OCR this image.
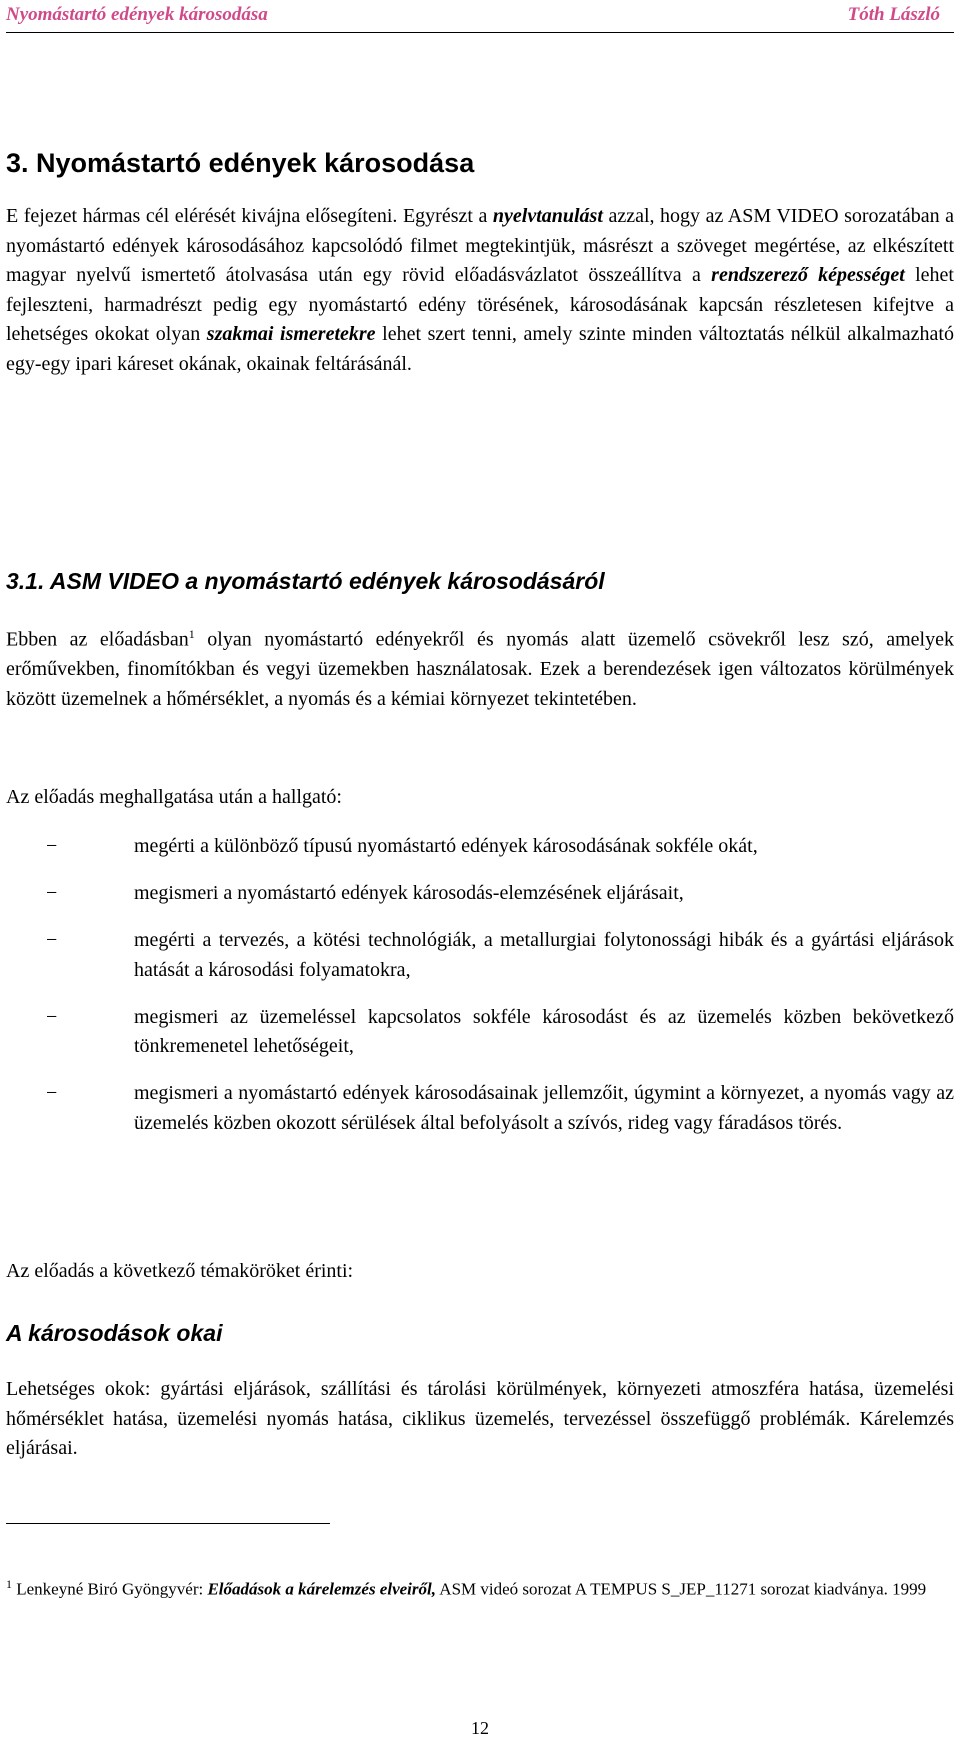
Nyomástartó edények károsodása	Tóth László
3. Nyomástartó edények károsodása

E fejezet hármas cél elérését kivájna elősegíteni. Egyrészt a nyelvtanulást azzal, hogy az ASM VIDEO sorozatában a nyomástartó edények károsodásához kapcsolódó filmet megtekintjük, másrészt a szöveget megértése, az elkészített magyar nyelvű ismertető átolvasása után egy rövid előadásvázlatot összeállítva a rendszerező képességet lehet fejleszteni, harmadrészt pedig egy nyomástartó edény törésének, károsodásának kapcsán részletesen kifejtve a lehetséges okokat olyan szakmai ismeretekre lehet szert tenni, amely szinte minden változtatás nélkül alkalmazható egy-egy ipari káreset okának, okainak feltárásánál.

3.1. ASM VIDEO a nyomástartó edények károsodásáról

Ebben az előadásban$^1$ olyan nyomástartó edényekről és nyomás alatt üzemelő csövekről lesz szó, amelyek erőművekben, finomítókban és vegyi üzemekben használatosak. Ezek a berendezések igen változatos körülmények között üzemelnek a hőmérséklet, a nyomás és a kémiai környezet tekintetében.

Az előadás meghallgatása után a hallgató:

−	megérti a különböző típusú nyomástartó edények károsodásának sokféle okát,
−	megismeri a nyomástartó edények károsodás-elemzésének eljárásait,
−	megérti a tervezés, a kötési technológiák, a metallurgiai folytonossági hibák és a gyártási eljárások hatását a károsodási folyamatokra,
−	megismeri az üzemeléssel kapcsolatos sokféle károsodást és az üzemelés közben bekövetkező tönkremenetel lehetőségeit,
−	megismeri a nyomástartó edények károsodásainak jellemzőit, úgymint a környezet, a nyomás vagy az üzemelés közben okozott sérülések által befolyásolt a szívós, rideg vagy fáradásos törés.

Az előadás a következő témaköröket érinti:

A károsodások okai

Lehetséges okok: gyártási eljárások, szállítási és tárolási körülmények, környezeti atmoszféra hatása, üzemelési hőmérséklet hatása, üzemelési nyomás hatása, ciklikus üzemelés, tervezéssel összefüggő problémák. Kárelemzés eljárásai.

$^1$ Lenkeyné Biró Gyöngyvér: Előadások a kárelemzés elveiről, ASM videó sorozat A TEMPUS S_JEP_11271 sorozat kiadványa. 1999

12
